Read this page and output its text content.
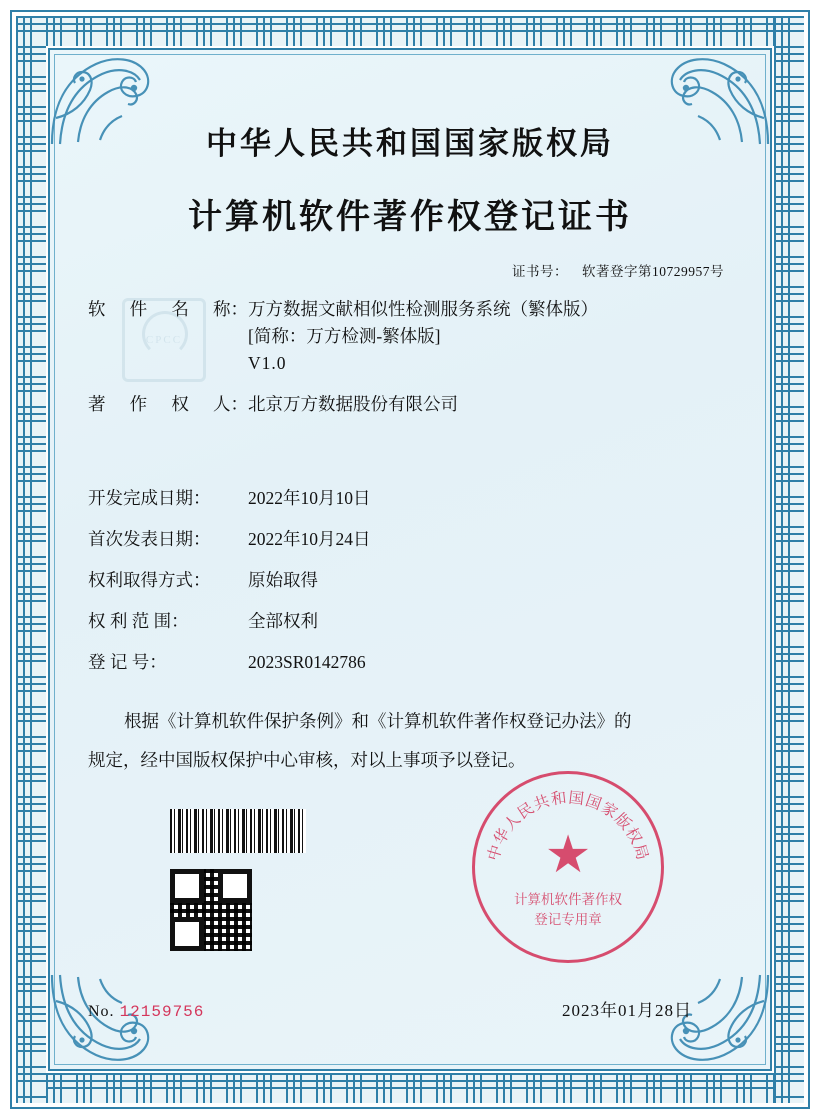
中华人民共和国国家版权局
计算机软件著作权登记证书
证书号： 软著登字第10729957号
CPCC
软 件 名 称： 万方数据文献相似性检测服务系统（繁体版）
[简称：万方检测-繁体版]
V1.0
著 作 权 人： 北京万方数据股份有限公司
开发完成日期：	2022年10月10日
首次发表日期：	2022年10月24日
权利取得方式：	原始取得
权 利 范 围：	全部权利
登 记 号：	2023SR0142786
根据《计算机软件保护条例》和《计算机软件著作权登记办法》的
规定，经中国版权保护中心审核，对以上事项予以登记。
中华人民共和国国家版权局
★
计算机软件著作权
登记专用章
No. 12159756	2023年01月28日
